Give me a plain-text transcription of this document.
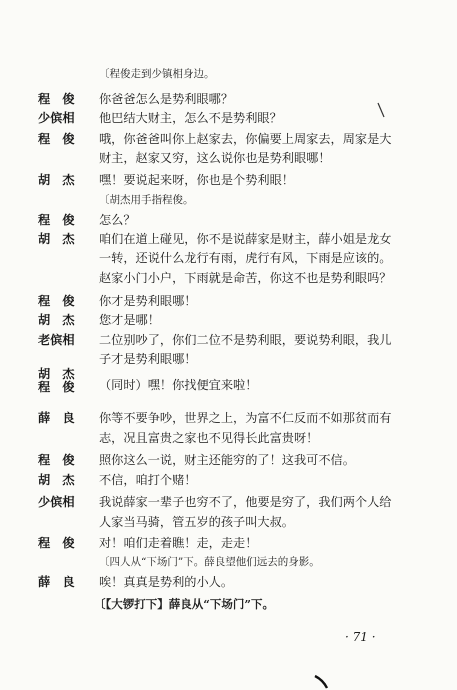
〔程俊走到少镇相身边。
程　俊	你爸爸怎么是势利眼哪？
少傧相	他巴结大财主，怎么不是势利眼？
程　俊	哦，你爸爸叫你上赵家去，你偏要上周家去，周家是大
财主，赵家又穷，这么说你也是势利眼哪！
胡　杰	嘿！要说起来呀，你也是个势利眼！
〔胡杰用手指程俊。
程　俊	怎么？
胡　杰	咱们在道上碰见，你不是说薛家是财主，薛小姐是龙女
一转，还说什么龙行有雨，虎行有风，下雨是应该的。
赵家小门小户，下雨就是命苦，你这不也是势利眼吗？
程　俊	你才是势利眼哪！
胡　杰	您才是哪！
老傧相	二位别吵了，你们二位不是势利眼，要说势利眼，我儿
子才是势利眼哪！
胡　杰
程　俊 （同时）嘿！你找便宜来啦！
薛　良	你等不要争吵，世界之上，为富不仁反而不如那贫而有
志，况且富贵之家也不见得长此富贵呀！
程　俊	照你这么一说，财主还能穷的了！这我可不信。
胡　杰	不信，咱打个赌！
少傧相	我说薛家一辈子也穷不了，他要是穷了，我们两个人给
人家当马骑，管五岁的孩子叫大叔。
程　俊	对！咱们走着瞧！走，走走！
〔四人从“下场门”下。薛良望他们远去的身影。
薛　良	唉！真真是势利的小人。
〔【大锣打下】薛良从“下场门”下。
· 71 ·
